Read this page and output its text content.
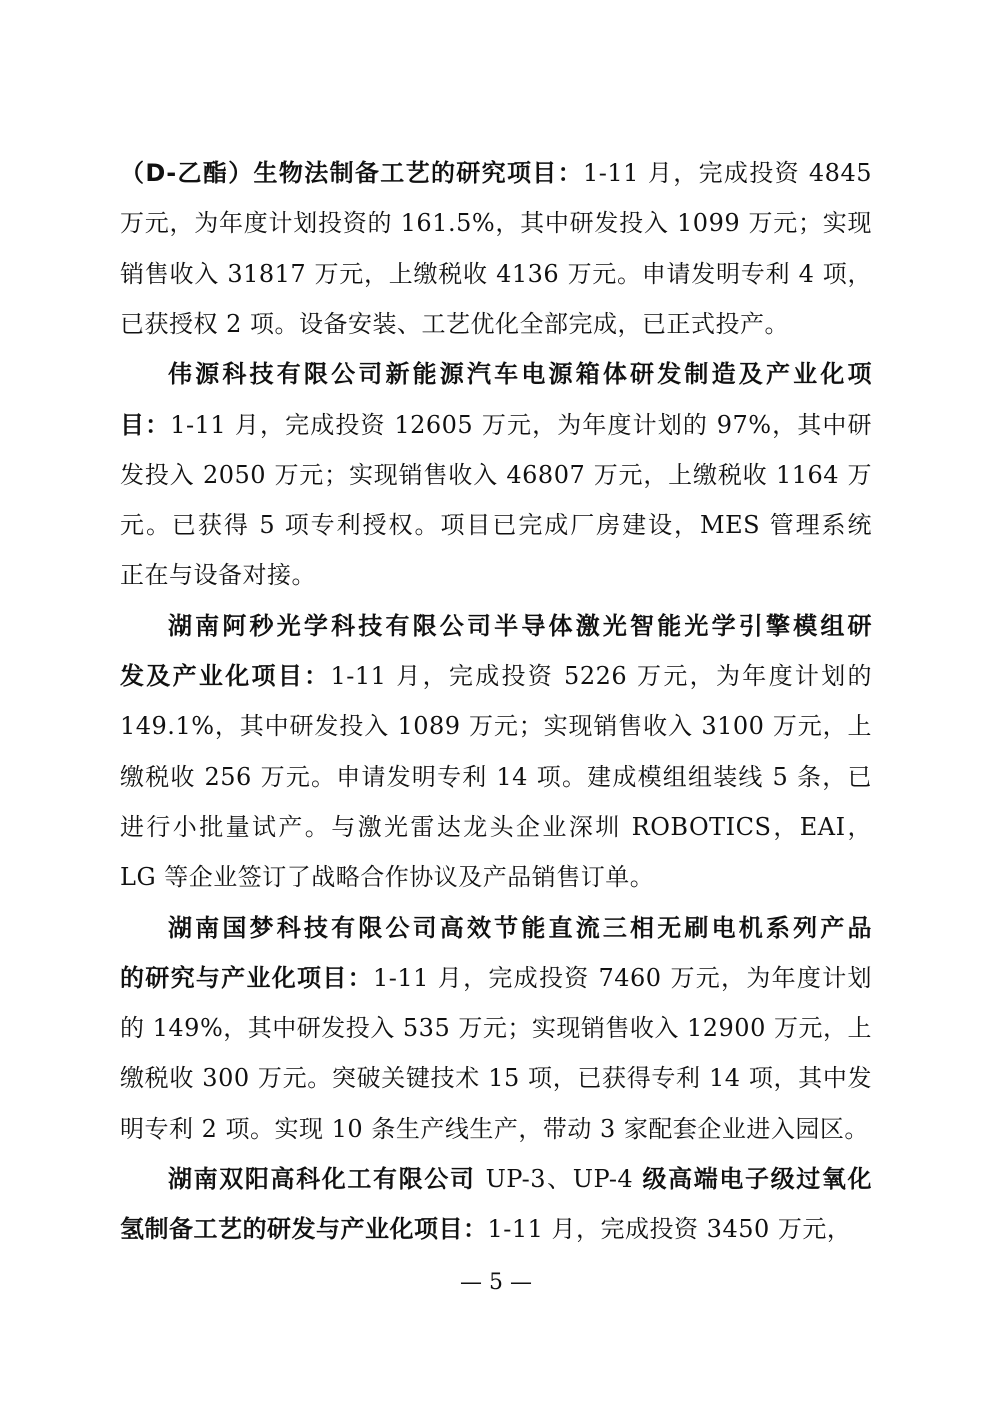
（D-乙酯）生物法制备工艺的研究项目：1-11 月，完成投资 4845
万元，为年度计划投资的 161.5%，其中研发投入 1099 万元；实现
销售收入 31817 万元，上缴税收 4136 万元。申请发明专利 4 项，
已获授权 2 项。设备安装、工艺优化全部完成，已正式投产。
伟源科技有限公司新能源汽车电源箱体研发制造及产业化项
目：1-11 月，完成投资 12605 万元，为年度计划的 97%，其中研
发投入 2050 万元；实现销售收入 46807 万元，上缴税收 1164 万
元。已获得 5 项专利授权。项目已完成厂房建设，MES 管理系统
正在与设备对接。
湖南阿秒光学科技有限公司半导体激光智能光学引擎模组研
发及产业化项目：1-11 月，完成投资 5226 万元，为年度计划的
149.1%，其中研发投入 1089 万元；实现销售收入 3100 万元，上
缴税收 256 万元。申请发明专利 14 项。建成模组组装线 5 条，已
进行小批量试产。与激光雷达龙头企业深圳 ROBOTICS，EAI，
LG 等企业签订了战略合作协议及产品销售订单。
湖南国梦科技有限公司高效节能直流三相无刷电机系列产品
的研究与产业化项目：1-11 月，完成投资 7460 万元，为年度计划
的 149%，其中研发投入 535 万元；实现销售收入 12900 万元，上
缴税收 300 万元。突破关键技术 15 项，已获得专利 14 项，其中发
明专利 2 项。实现 10 条生产线生产，带动 3 家配套企业进入园区。
湖南双阳高科化工有限公司 UP-3、UP-4 级高端电子级过氧化
氢制备工艺的研发与产业化项目：1-11 月，完成投资 3450 万元，
— 5 —
